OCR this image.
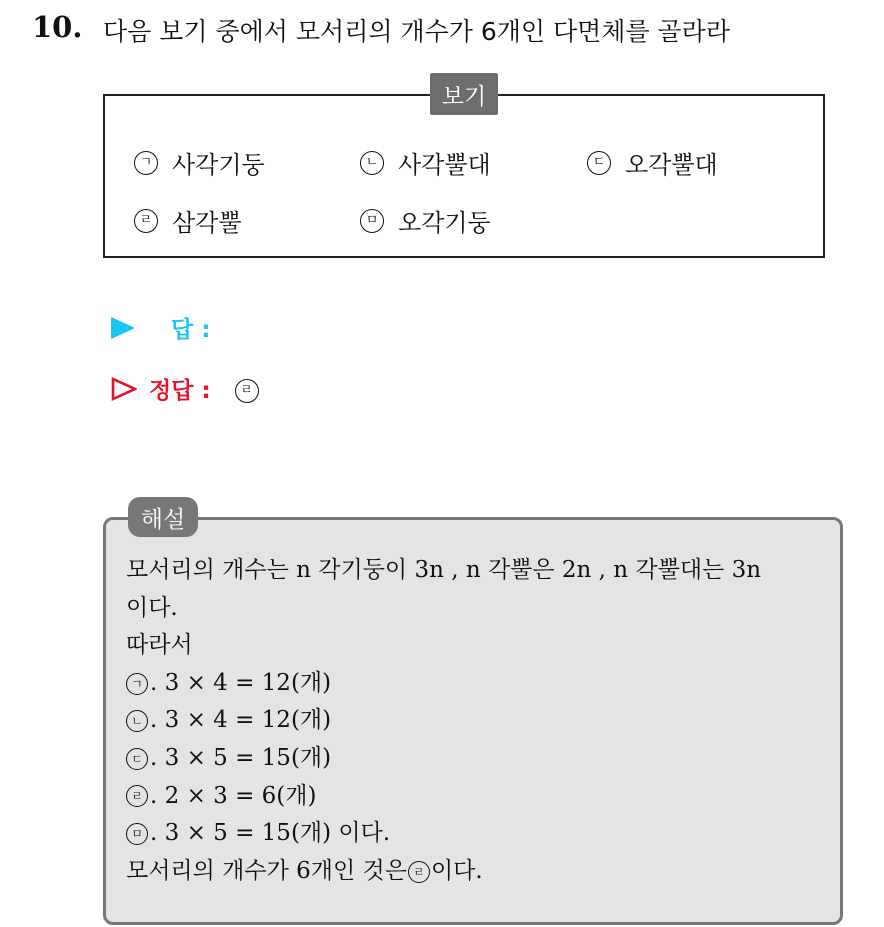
10. 다음 보기 중에서 모서리의 개수가 6개인 다면체를 골라라
보기
ㄱ 사각기둥	ㄴ 사각뿔대	ㄷ 오각뿔대
ㄹ 삼각뿔	ㅁ 오각기둥
답 :
정답 :	ㄹ
해설
모서리의 개수는 n 각기둥이 3n , n 각뿔은 2n , n 각뿔대는 3n
이다.
따라서
ㄱ . 3 × 4 = 12(개)
ㄴ . 3 × 4 = 12(개)
ㄷ . 3 × 5 = 15(개)
ㄹ . 2 × 3 = 6(개)
ㅁ . 3 × 5 = 15(개) 이다.
모서리의 개수가 6개인 것은 ㄹ 이다.
